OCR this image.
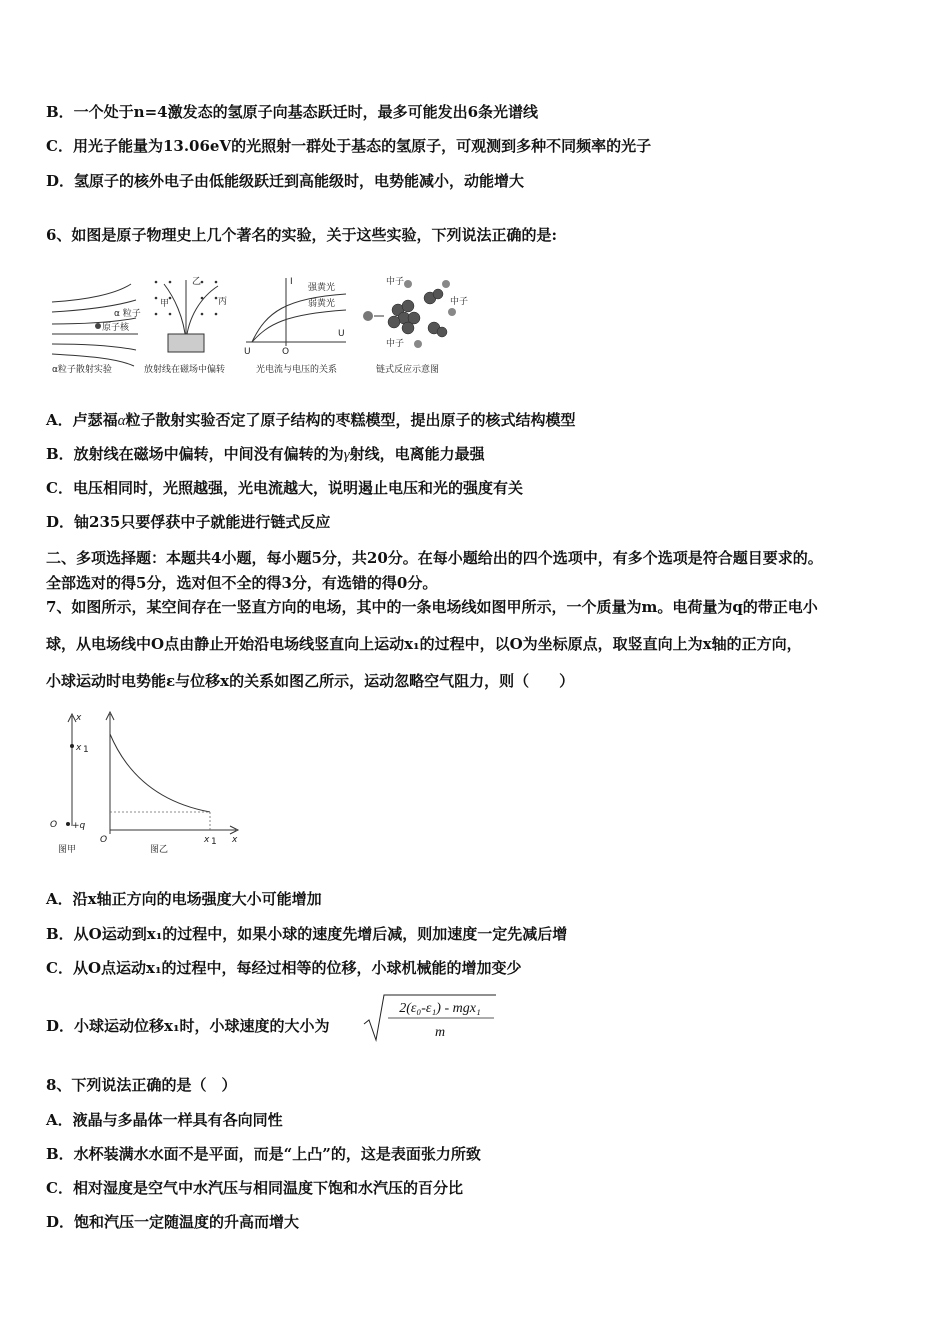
B．一个处于n=4激发态的氢原子向基态跃迁时，最多可能发出6条光谱线
C．用光子能量为13.06eV的光照射一群处于基态的氢原子，可观测到多种不同频率的光子
D．氢原子的核外电子由低能级跃迁到高能级时，电势能减小，动能增大
6、如图是原子物理史上几个著名的实验，关于这些实验，下列说法正确的是:
α 粒子
原子核
α粒子散射实验
甲
乙
丙
放射线在磁场中偏转
I
U
U	O
强黄光
弱黄光
光电流与电压的关系
中子
中子
中子
链式反应示意图
A．卢瑟福α粒子散射实验否定了原子结构的枣糕模型，提出原子的核式结构模型
B．放射线在磁场中偏转，中间没有偏转的为γ射线，电离能力最强
C．电压相同时，光照越强，光电流越大，说明遏止电压和光的强度有关
D．铀235只要俘获中子就能进行链式反应
二、多项选择题：本题共4小题，每小题5分，共20分。在每小题给出的四个选项中，有多个选项是符合题目要求的。
全部选对的得5分，选对但不全的得3分，有选错的得0分。
7、如图所示，某空间存在一竖直方向的电场，其中的一条电场线如图甲所示，一个质量为m。电荷量为q的带正电小
球，从电场线中O点由静止开始沿电场线竖直向上运动x₁的过程中，以O为坐标原点，取竖直向上为x轴的正方向，
小球运动时电势能ε与位移x的关系如图乙所示，运动忽略空气阻力，则（　　）
x
x 1
O +q
图甲
O
图乙
x 1 x
A．沿x轴正方向的电场强度大小可能增加
B．从O运动到x₁的过程中，如果小球的速度先增后减，则加速度一定先减后增
C．从O点运动x₁的过程中，每经过相等的位移，小球机械能的增加变少
D．小球运动位移x₁时，小球速度的大小为
2(ε₀-ε₁) - mgx₁
m
8、下列说法正确的是（　）
A．液晶与多晶体一样具有各向同性
B．水杯装满水水面不是平面，而是“上凸”的，这是表面张力所致
C．相对湿度是空气中水汽压与相同温度下饱和水汽压的百分比
D．饱和汽压一定随温度的升高而增大
